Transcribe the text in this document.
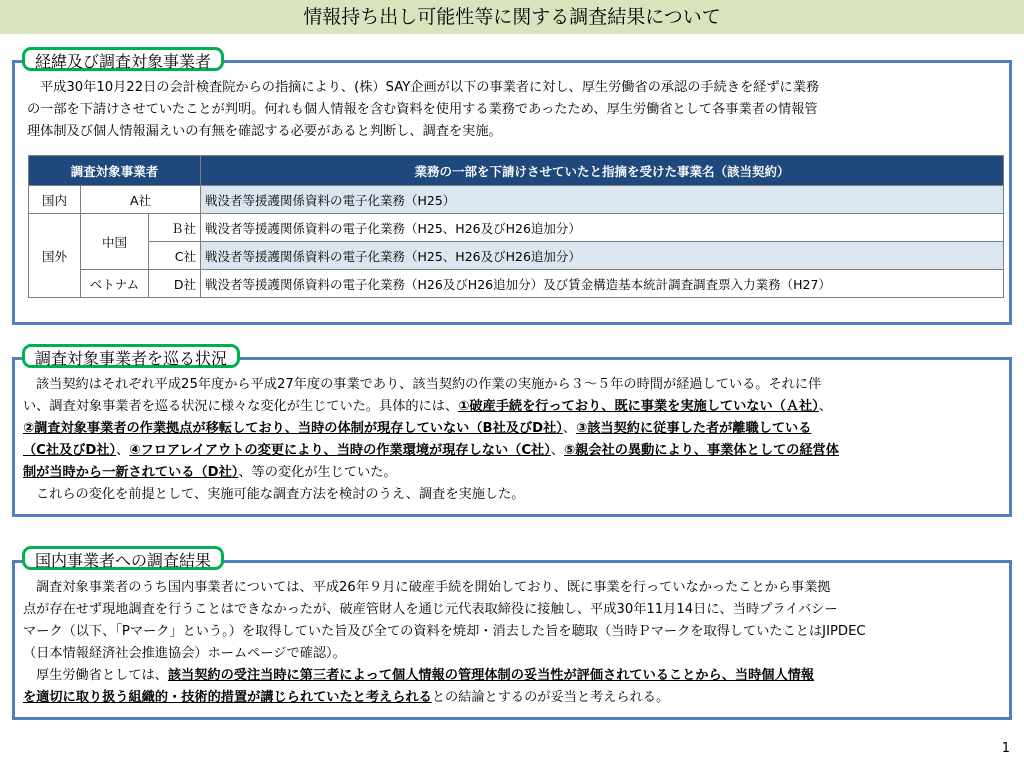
情報持ち出し可能性等に関する調査結果について
経緯及び調査対象事業者

平成30年10月22日の会計検査院からの指摘により、(株）SAY企画が以下の事業者に対し、厚生労働省の承認の手続きを経ずに業務
の一部を下請けさせていたことが判明。何れも個人情報を含む資料を使用する業務であったため、厚生労働省として各事業者の情報管
理体制及び個人情報漏えいの有無を確認する必要があると判断し、調査を実施。

調査対象事業者			業務の一部を下請けさせていたと指摘を受けた事業名（該当契約）
国内	A社		戦没者等援護関係資料の電子化業務（H25）
国外	中国	Ｂ社	戦没者等援護関係資料の電子化業務（H25、H26及びH26追加分）
		C社	戦没者等援護関係資料の電子化業務（H25、H26及びH26追加分）
	ベトナム	D社	戦没者等援護関係資料の電子化業務（H26及びH26追加分）及び賃金構造基本統計調査調査票入力業務（H27）
調査対象事業者を巡る状況

該当契約はそれぞれ平成25年度から平成27年度の事業であり、該当契約の作業の実施から３～５年の時間が経過している。それに伴
い、調査対象事業者を巡る状況に様々な変化が生じていた。具体的には、①破産手続を行っており、既に事業を実施していない（Ａ社）、
②調査対象事業者の作業拠点が移転しており、当時の体制が現存していない（B社及びD社）、③該当契約に従事した者が離職している
（C社及びD社）、④フロアレイアウトの変更により、当時の作業環境が現存しない（C社）、⑤親会社の異動により、事業体としての経営体
制が当時から一新されている（D社）、等の変化が生じていた。
これらの変化を前提として、実施可能な調査方法を検討のうえ、調査を実施した。

国内事業者への調査結果

調査対象事業者のうち国内事業者については、平成26年９月に破産手続を開始しており、既に事業を行っていなかったことから事業拠
点が存在せず現地調査を行うことはできなかったが、破産管財人を通じ元代表取締役に接触し、平成30年11月14日に、当時プライバシー
マーク（以下、「Pマーク」という。）を取得していた旨及び全ての資料を焼却・消去した旨を聴取（当時Ｐマークを取得していたことはJIPDEC
（日本情報経済社会推進協会）ホームページで確認）。
厚生労働省としては、該当契約の受注当時に第三者によって個人情報の管理体制の妥当性が評価されていることから、当時個人情報
を適切に取り扱う組織的・技術的措置が講じられていたと考えられるとの結論とするのが妥当と考えられる。

1
